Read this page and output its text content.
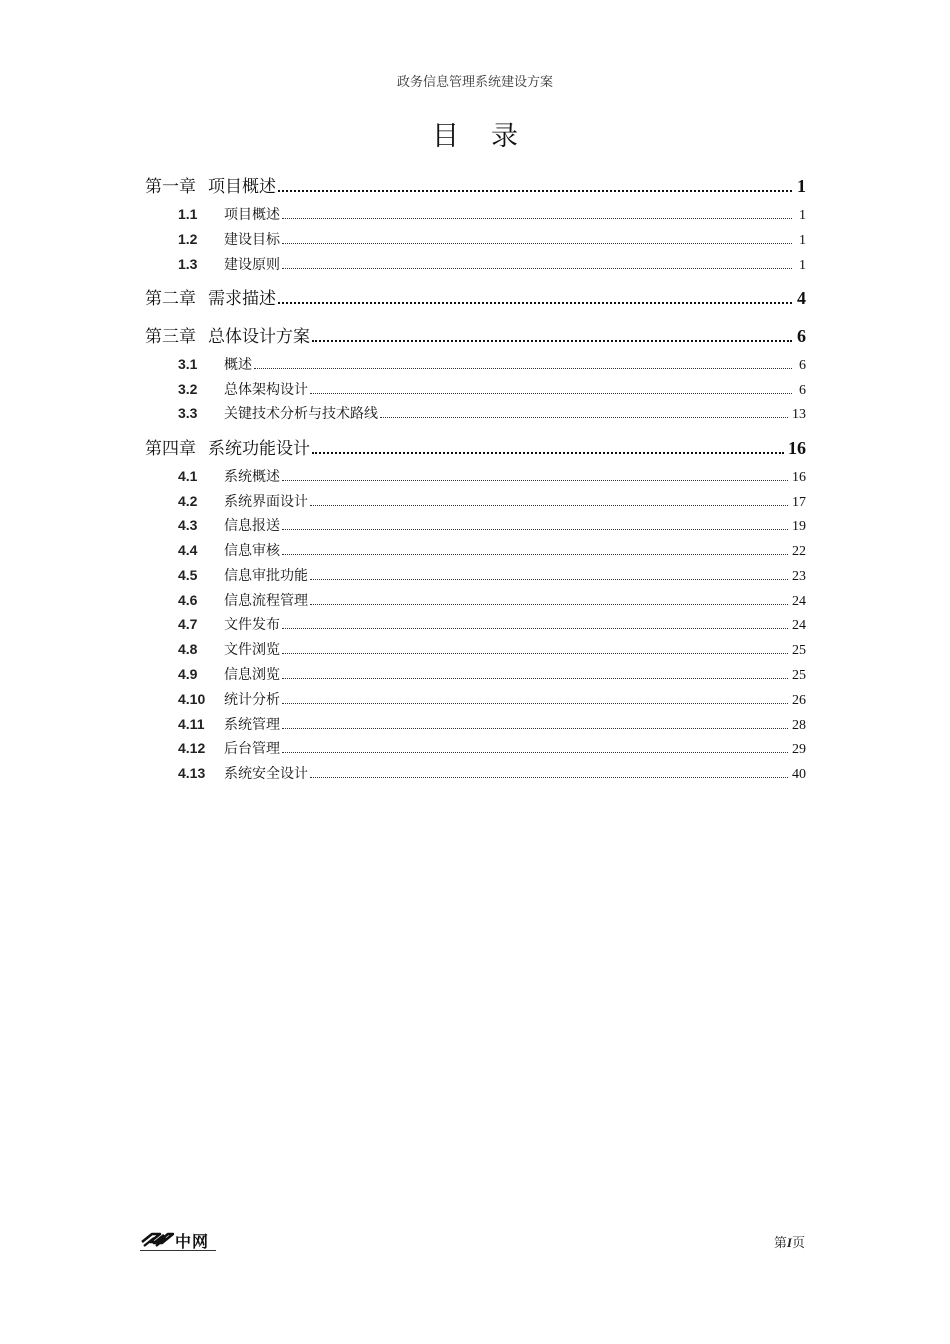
政务信息管理系统建设方案
目录
第一章 项目概述	1
1.1 项目概述	1
1.2 建设目标	1
1.3 建设原则	1
第二章 需求描述	4
第三章 总体设计方案	6
3.1 概述	6
3.2 总体架构设计	6
3.3 关键技术分析与技术路线	13
第四章 系统功能设计	16
4.1 系统概述	16
4.2 系统界面设计	17
4.3 信息报送	19
4.4 信息审核	22
4.5 信息审批功能	23
4.6 信息流程管理	24
4.7 文件发布	24
4.8 文件浏览	25
4.9 信息浏览	25
4.10 统计分析	26
4.11 系统管理	28
4.12 后台管理	29
4.13 系统安全设计	40
中网	第I页
